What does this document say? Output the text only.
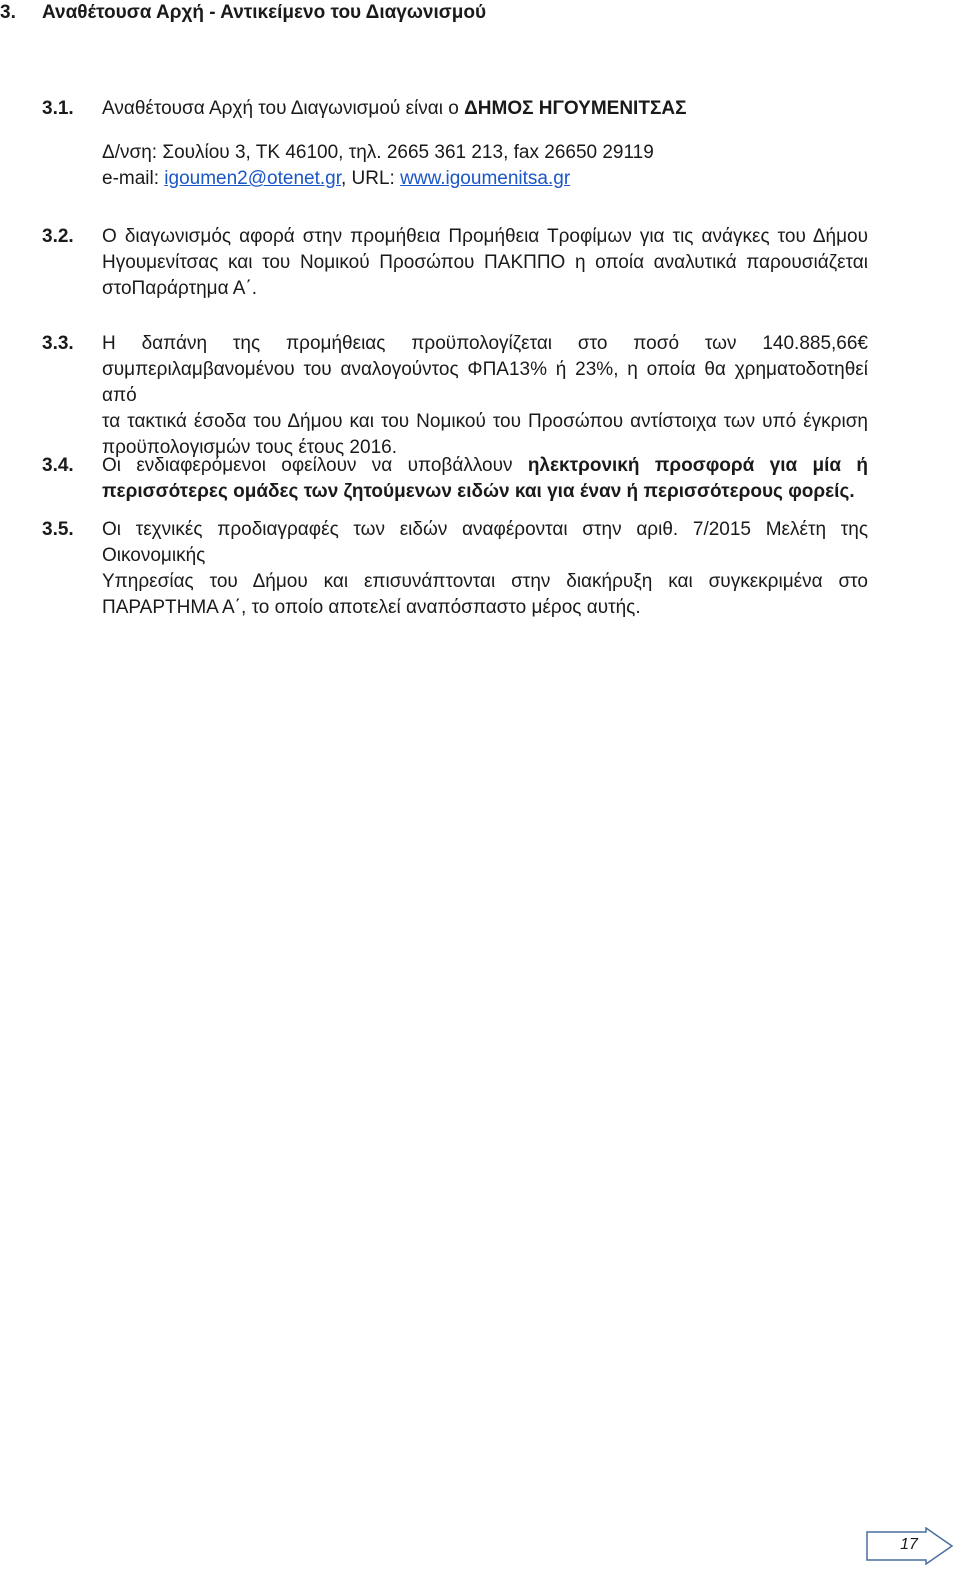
3. Αναθέτουσα Αρχή - Αντικείμενο του Διαγωνισμού
3.1. Αναθέτουσα Αρχή του Διαγωνισμού είναι ο ΔΗΜΟΣ ΗΓΟΥΜΕΝΙΤΣΑΣ
Δ/νση: Σουλίου 3, ΤΚ 46100, τηλ. 2665 361 213, fax 26650 29119
e-mail: igoumen2@otenet.gr, URL: www.igoumenitsa.gr
3.2. Ο διαγωνισμός αφορά στην προμήθεια Προμήθεια Τροφίμων για τις ανάγκες του Δήμου
Ηγουμενίτσας και του Νομικού Προσώπου ΠΑΚΠΠΟ η οποία αναλυτικά παρουσιάζεται
στοΠαράρτημα Α΄.
3.3. Η δαπάνη της προμήθειας προϋπολογίζεται στο ποσό των 140.885,66€
συμπεριλαμβανομένου του αναλογούντος ΦΠΑ13% ή 23%, η οποία θα χρηματοδοτηθεί από
τα τακτικά έσοδα του Δήμου και του Νομικού του Προσώπου αντίστοιχα των υπό έγκριση
προϋπολογισμών τους έτους 2016.
3.4. Οι ενδιαφερόμενοι οφείλουν να υποβάλλουν ηλεκτρονική προσφορά για μία ή
περισσότερες ομάδες των ζητούμενων ειδών και για έναν ή περισσότερους φορείς.
3.5. Οι τεχνικές προδιαγραφές των ειδών αναφέρονται στην αριθ. 7/2015 Μελέτη της Οικονομικής
Υπηρεσίας του Δήμου και επισυνάπτονται στην διακήρυξη και συγκεκριμένα στο
ΠΑΡΑΡΤΗΜΑ Α΄, το οποίο αποτελεί αναπόσπαστο μέρος αυτής.
17
